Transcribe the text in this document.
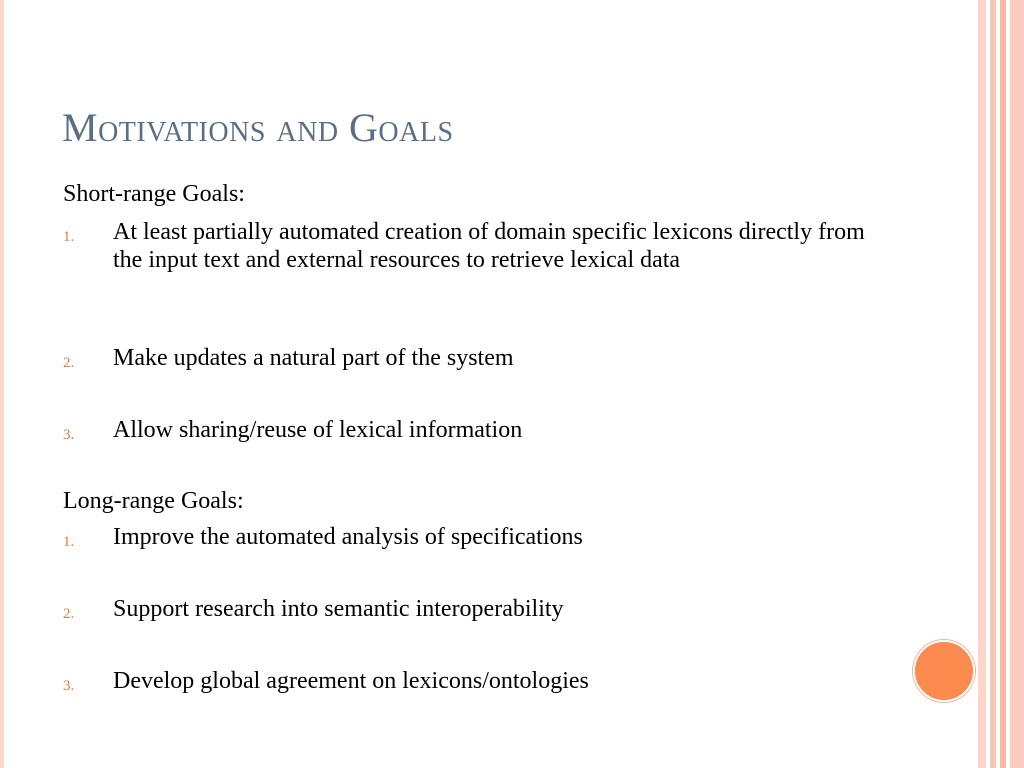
Motivations and Goals
Short-range Goals:
1. At least partially automated creation of domain specific lexicons directly from the input text and external resources to retrieve lexical data
2. Make updates a natural part of the system
3. Allow sharing/reuse of lexical information
Long-range Goals:
1. Improve the automated analysis of specifications
2. Support research into semantic interoperability
3. Develop global agreement on lexicons/ontologies
